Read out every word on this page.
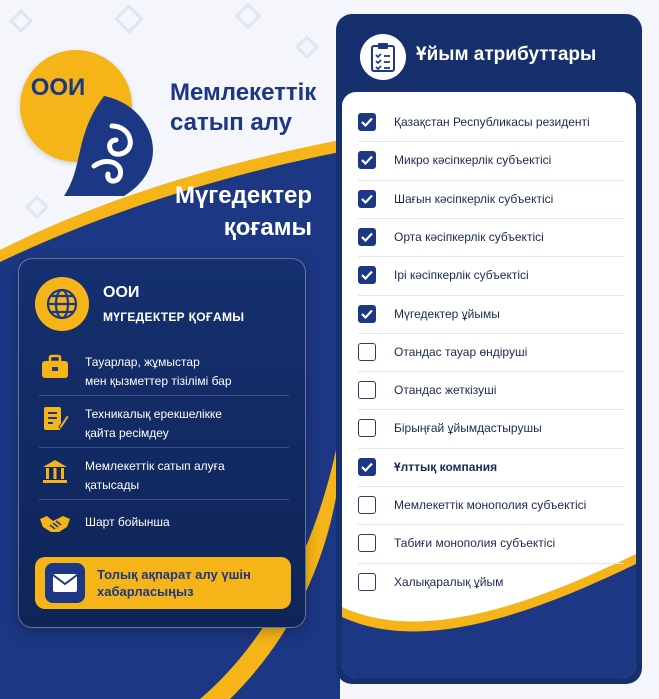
ООИ	Мемлекеттік
сатып алу
Мүгедектер
қоғамы
ООИ
МҮГЕДЕКТЕР ҚОҒАМЫ
Тауарлар, жұмыстар
мен қызметтер тізілімі бар
Техникалық ерекшелікке
қайта ресімдеу
Мемлекеттік сатып алуға
қатысады
Шарт бойынша
Толық ақпарат алу үшін
хабарласыңыз
Ұйым атрибуттары
Қазақстан Республикасы резиденті
Микро кәсіпкерлік субъектісі
Шағын кәсіпкерлік субъектісі
Орта кәсіпкерлік субъектісі
Ірі кәсіпкерлік субъектісі
Мүгедектер ұйымы
Отандас тауар өндіруші
Отандас жеткізуші
Бірыңғай ұйымдастырушы
Ұлттық компания
Мемлекеттік монополия субъектісі
Табиғи монополия субъектісі
Халықаралық ұйым
